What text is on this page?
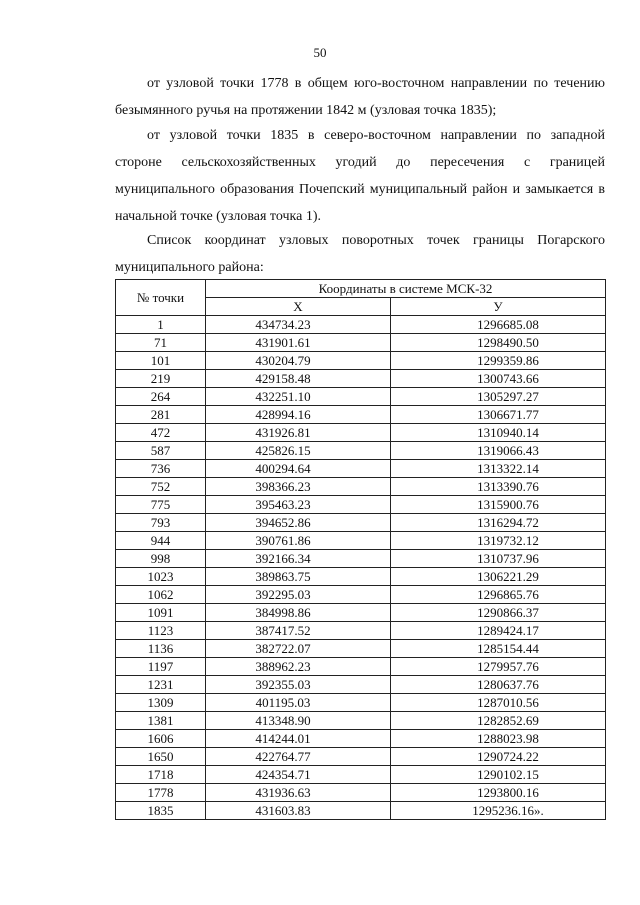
50

от узловой точки 1778 в общем юго-восточном направлении по течению безымянного ручья на протяжении 1842 м (узловая точка 1835);

от узловой точки 1835 в северо-восточном направлении по западной стороне сельскохозяйственных угодий до пересечения с границей муниципального образования Почепский муниципальный район и замыкается в начальной точке (узловая точка 1).

Список координат узловых поворотных точек границы Погарского муниципального района:

№ точки	Координаты в системе МСК-32	
	X	У
1	434734.23	1296685.08
71	431901.61	1298490.50
101	430204.79	1299359.86
219	429158.48	1300743.66
264	432251.10	1305297.27
281	428994.16	1306671.77
472	431926.81	1310940.14
587	425826.15	1319066.43
736	400294.64	1313322.14
752	398366.23	1313390.76
775	395463.23	1315900.76
793	394652.86	1316294.72
944	390761.86	1319732.12
998	392166.34	1310737.96
1023	389863.75	1306221.29
1062	392295.03	1296865.76
1091	384998.86	1290866.37
1123	387417.52	1289424.17
1136	382722.07	1285154.44
1197	388962.23	1279957.76
1231	392355.03	1280637.76
1309	401195.03	1287010.56
1381	413348.90	1282852.69
1606	414244.01	1288023.98
1650	422764.77	1290724.22
1718	424354.71	1290102.15
1778	431936.63	1293800.16
1835	431603.83	1295236.16».
